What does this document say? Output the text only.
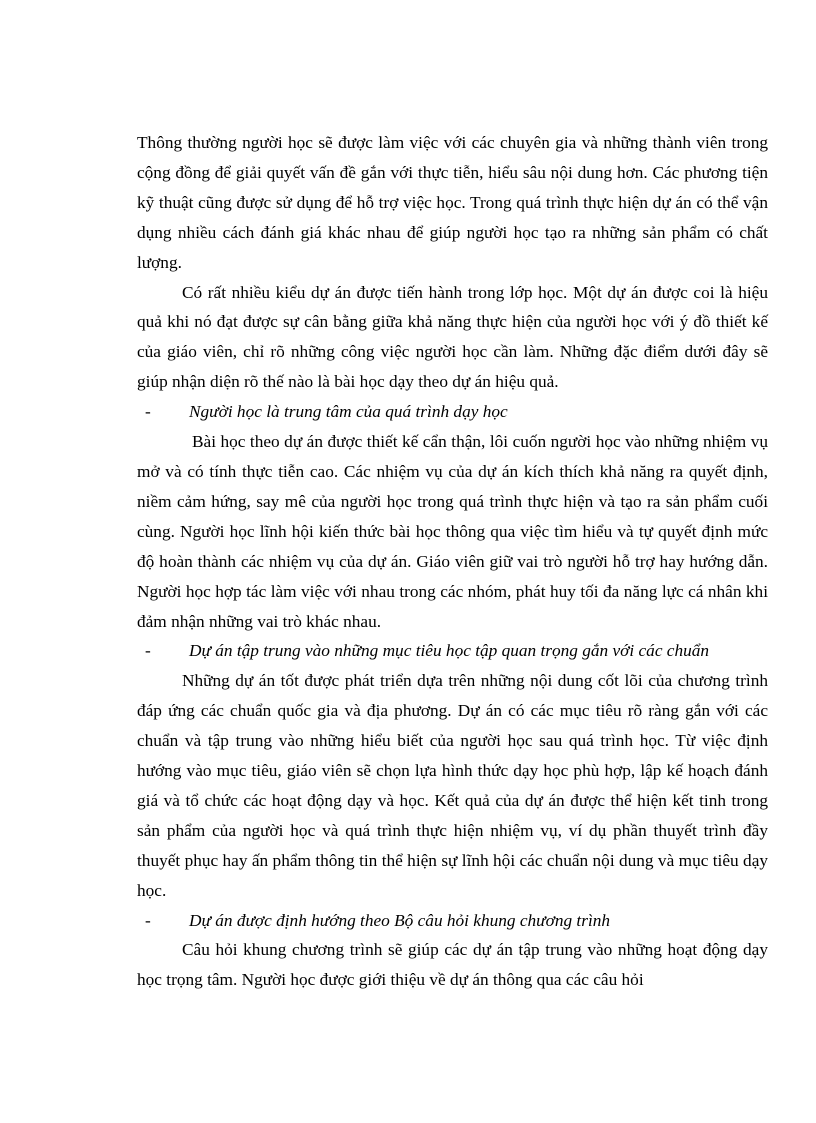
Thông thường người học sẽ được làm việc với các chuyên gia và những thành viên trong cộng đồng để giải quyết vấn đề gắn với thực tiễn, hiểu sâu nội dung hơn. Các phương tiện kỹ thuật cũng được sử dụng để hỗ trợ việc học. Trong quá trình thực hiện dự án có thể vận dụng nhiều cách đánh giá khác nhau để giúp người học tạo ra những sản phẩm có chất lượng.

Có rất nhiều kiểu dự án được tiến hành trong lớp học. Một dự án được coi là hiệu quả khi nó đạt được sự cân bằng giữa khả năng thực hiện của người học với ý đồ thiết kế của giáo viên, chỉ rõ những công việc người học cần làm. Những đặc điểm dưới đây sẽ giúp nhận diện rõ thế nào là bài học dạy theo dự án hiệu quả.

- Người học là trung tâm của quá trình dạy học

Bài học theo dự án được thiết kế cẩn thận, lôi cuốn người học vào những nhiệm vụ mở và có tính thực tiễn cao. Các nhiệm vụ của dự án kích thích khả năng ra quyết định, niềm cảm hứng, say mê của người học trong quá trình thực hiện và tạo ra sản phẩm cuối cùng. Người học lĩnh hội kiến thức bài học thông qua việc tìm hiểu và tự quyết định mức độ hoàn thành các nhiệm vụ của dự án. Giáo viên giữ vai trò người hỗ trợ hay hướng dẫn. Người học hợp tác làm việc với nhau trong các nhóm, phát huy tối đa năng lực cá nhân khi đảm nhận những vai trò khác nhau.

- Dự án tập trung vào những mục tiêu học tập quan trọng gắn với các chuẩn

Những dự án tốt được phát triển dựa trên những nội dung cốt lõi của chương trình đáp ứng các chuẩn quốc gia và địa phương. Dự án có các mục tiêu rõ ràng gắn với các chuẩn và tập trung vào những hiểu biết của người học sau quá trình học. Từ việc định hướng vào mục tiêu, giáo viên sẽ chọn lựa hình thức dạy học phù hợp, lập kế hoạch đánh giá và tổ chức các hoạt động dạy và học. Kết quả của dự án được thể hiện kết tinh trong sản phẩm của người học và quá trình thực hiện nhiệm vụ, ví dụ phần thuyết trình đầy thuyết phục hay ấn phẩm thông tin thể hiện sự lĩnh hội các chuẩn nội dung và mục tiêu dạy học.

- Dự án được định hướng theo Bộ câu hỏi khung chương trình

Câu hỏi khung chương trình sẽ giúp các dự án tập trung vào những hoạt động dạy học trọng tâm. Người học được giới thiệu về dự án thông qua các câu hỏi
